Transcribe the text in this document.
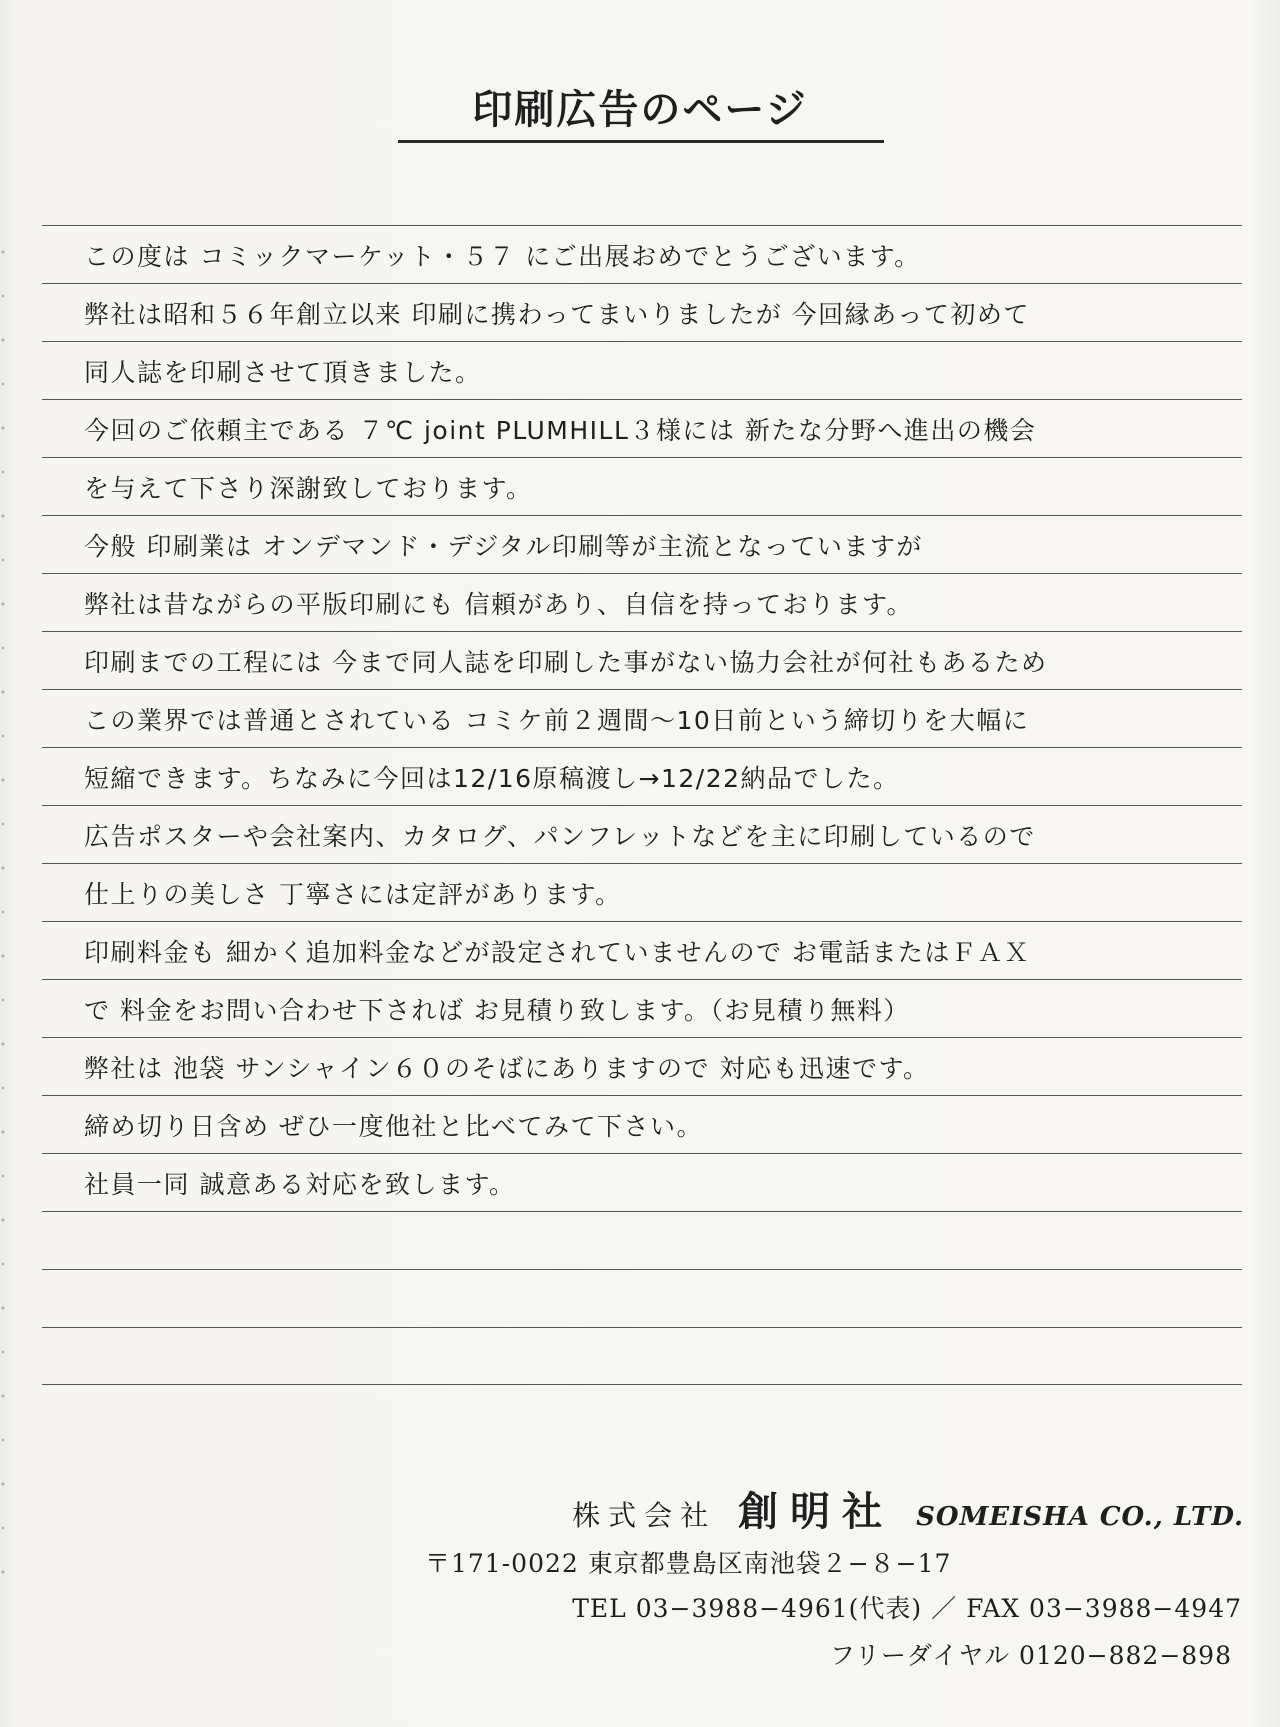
印刷広告のページ
この度は コミックマーケット・５７ にご出展おめでとうございます。
弊社は昭和５６年創立以来 印刷に携わってまいりましたが 今回縁あって初めて
同人誌を印刷させて頂きました。
今回のご依頼主である ７℃ joint PLUMHILL３様には 新たな分野へ進出の機会
を与えて下さり深謝致しております。
今般 印刷業は オンデマンド・デジタル印刷等が主流となっていますが
弊社は昔ながらの平版印刷にも 信頼があり、自信を持っております。
印刷までの工程には 今まで同人誌を印刷した事がない協力会社が何社もあるため
この業界では普通とされている コミケ前２週間〜10日前という締切りを大幅に
短縮できます。ちなみに今回は12/16原稿渡し→12/22納品でした。
広告ポスターや会社案内、カタログ、パンフレットなどを主に印刷しているので
仕上りの美しさ 丁寧さには定評があります。
印刷料金も 細かく追加料金などが設定されていませんので お電話またはＦＡＸ
で 料金をお問い合わせ下されば お見積り致します。（お見積り無料）
弊社は 池袋 サンシャイン６０のそばにありますので 対応も迅速です。
締め切り日含め ぜひ一度他社と比べてみて下さい。
社員一同 誠意ある対応を致します。
株式会社 創明社 SOMEISHA CO., LTD.
〒171-0022 東京都豊島区南池袋２−８−17
TEL 03−3988−4961(代表) ／ FAX 03−3988−4947
フリーダイヤル 0120−882−898
